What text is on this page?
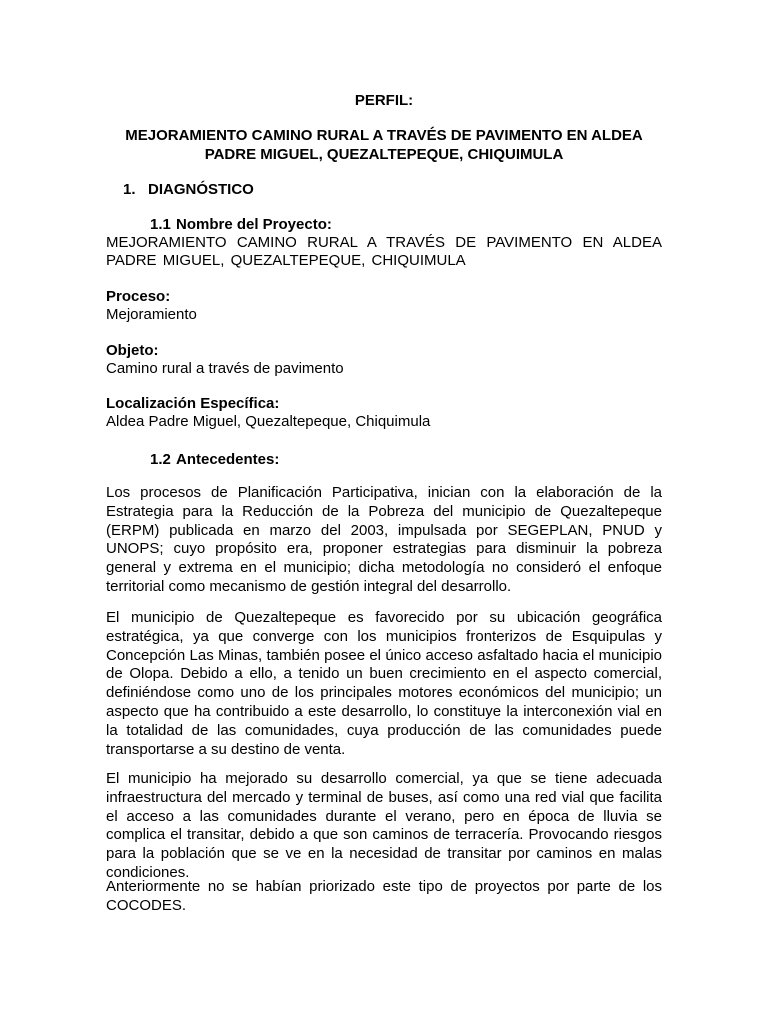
PERFIL:

MEJORAMIENTO CAMINO RURAL A TRAVÉS DE PAVIMENTO EN ALDEA PADRE MIGUEL, QUEZALTEPEQUE, CHIQUIMULA

1. DIAGNÓSTICO
1.1 Nombre del Proyecto:

MEJORAMIENTO CAMINO RURAL A TRAVÉS DE PAVIMENTO EN ALDEA PADRE MIGUEL, QUEZALTEPEQUE, CHIQUIMULA

Proceso:

Mejoramiento

Objeto:

Camino rural a través de pavimento

Localización Específica:

Aldea Padre Miguel, Quezaltepeque, Chiquimula

1.2 Antecedentes:

Los procesos de Planificación Participativa, inician con la elaboración de la Estrategia para la Reducción de la Pobreza del municipio de Quezaltepeque (ERPM) publicada en marzo del 2003, impulsada por SEGEPLAN, PNUD y UNOPS; cuyo propósito era, proponer estrategias para disminuir la pobreza general y extrema en el municipio; dicha metodología no consideró el enfoque territorial como mecanismo de gestión integral del desarrollo.

El municipio de Quezaltepeque es favorecido por su ubicación geográfica estratégica, ya que converge con los municipios fronterizos de Esquipulas y Concepción Las Minas, también posee el único acceso asfaltado hacia el municipio de Olopa. Debido a ello, a tenido un buen crecimiento en el aspecto comercial, definiéndose como uno de los principales motores económicos del municipio; un aspecto que ha contribuido a este desarrollo, lo constituye la interconexión vial en la totalidad de las comunidades, cuya producción de las comunidades puede transportarse a su destino de venta.

El municipio ha mejorado su desarrollo comercial, ya que se tiene adecuada infraestructura del mercado y terminal de buses, así como una red vial que facilita el acceso a las comunidades durante el verano, pero en época de lluvia se complica el transitar, debido a que son caminos de terracería. Provocando riesgos para la población que se ve en la necesidad de transitar por caminos en malas condiciones.

Anteriormente no se habían priorizado este tipo de proyectos por parte de los COCODES.
